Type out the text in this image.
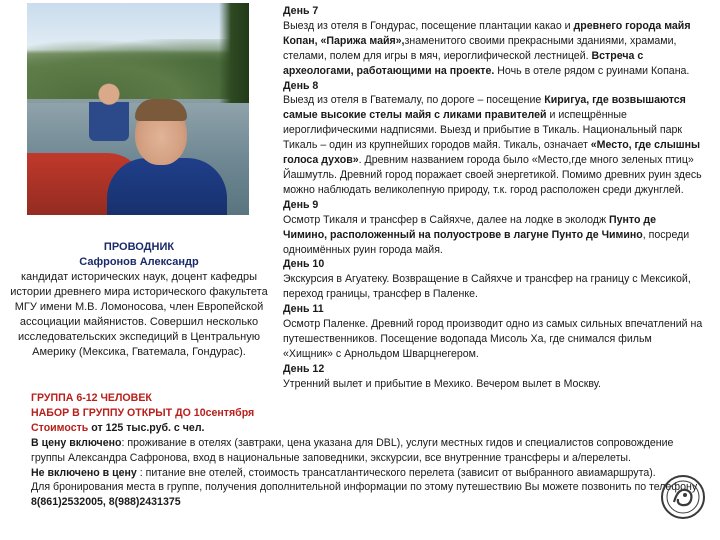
ПРОВОДНИК
Сафронов Александр
кандидат исторических наук, доцент кафедры истории древнего мира исторического факультета МГУ имени М.В. Ломоносова, член Европейской ассоциации майянистов. Совершил несколько исследовательских экспедиций в Центральную Америку (Мексика, Гватемала, Гондурас).
День 7
Выезд из отеля в Гондурас, посещение плантации какао и древнего города майя Копан, «Парижа майя»,знаменитого своими прекрасными зданиями, храмами, стелами, полем для игры в мяч, иероглифической лестницей. Встреча с археологами, работающими на проекте. Ночь в отеле рядом с руинами Копана.
День 8
Выезд из отеля в Гватемалу, по дороге – посещение Киригуа, где возвышаются самые высокие стелы майя с ликами правителей и испещрённые иероглифическими надписями. Выезд и прибытие в Тикаль. Национальный парк Тикаль – один из крупнейших городов майя. Тикаль, означает «Место, где слышны голоса духов». Древним названием города было «Место,где много зеленых птиц» Йашмутль. Древний город поражает своей энергетикой. Помимо древних руин здесь можно наблюдать великолепную природу, т.к. город расположен среди джунглей.
День 9
Осмотр Тикаля и трансфер в Сайяхче, далее на лодке в эколодж Пунто де Чимино, расположенный на полуострове в лагуне Пунто де Чимино, посреди одноимённых руин города майя.
День 10
Экскурсия в Агуатеку. Возвращение в Сайяхче и трансфер на границу с Мексикой, переход границы, трансфер в Паленке.
День 11
Осмотр Паленке. Древний город производит одно из самых сильных впечатлений на путешественников. Посещение водопада Мисоль Ха, где снимался фильм «Хищник» с Арнольдом Шварцнегером.
День 12
Утренний вылет и прибытие в Мехико. Вечером вылет в Москву.
ГРУППА 6-12 ЧЕЛОВЕК
НАБОР В ГРУППУ ОТКРЫТ ДО 10сентября
Стоимость от 125 тыс.руб. с чел.
В цену включено: проживание в отелях (завтраки, цена указана для DBL), услуги местных гидов и специалистов сопровождение группы Александра Сафронова, вход в национальные заповедники, экскурсии, все внутренние трансферы и а/перелеты.
Не включено в цену : питание вне отелей, стоимость трансатлантического перелета (зависит от выбранного авиамаршрута).
Для бронирования места в группе, получения дополнительной информации по этому путешествию Вы можете позвонить по телефону 8(861)2532005, 8(988)2431375
